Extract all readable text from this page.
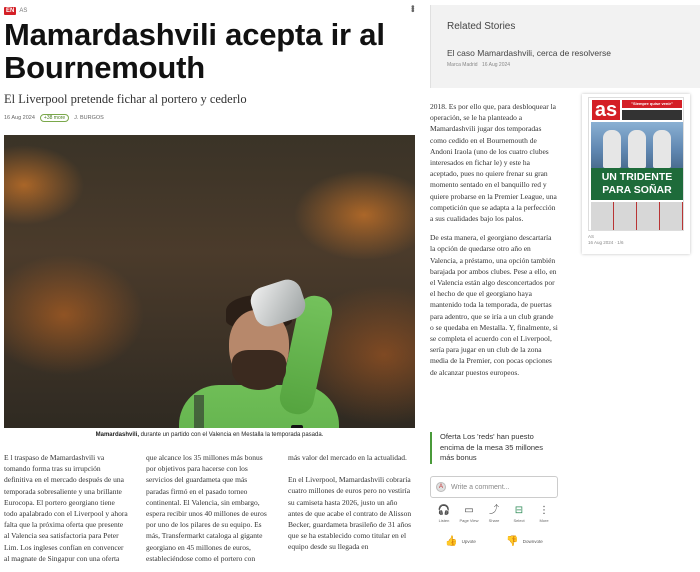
EN AS	•••
Mamardashvili acepta ir al Bournemouth

El Liverpool pretende fichar al portero y cederlo

16 Aug 2024	+38 more	J. BURGOS

Mamardashvili, durante un partido con el Valencia en Mestalla la temporada pasada.

E l traspaso de Mamardashvili va tomando forma tras su irrupción definitiva en el mercado después de una temporada sobresaliente y una brillante Eurocopa. El portero georgiano tiene todo apalabrado con el Liverpool y ahora falta que la próxima oferta que presente al Valencia sea satisfactoria para Peter Lim. Los ingleses confían en convencer al magnate de Singapur con una oferta

que alcance los 35 millones más bonus por objetivos para hacerse con los servicios del guardameta que más paradas firmó en el pasado torneo continental. El Valencia, sin embargo, espera recibir unos 40 millones de euros por uno de los pilares de su equipo. Es más, Transfermarkt cataloga al gigante georgiano en 45 millones de euros, estableciéndose como el portero con

más valor del mercado en la actualidad.

En el Liverpool, Mamardashvili cobraría cuatro millones de euros pero no vestiría su camiseta hasta 2026, justo un año antes de que acabe el contrato de Alisson Becker, guardameta brasileño de 31 años que se ha establecido como titular en el equipo desde su llegada en

2018. Es por ello que, para desbloquear la operación, se le ha planteado a Mamardashvili jugar dos temporadas como cedido en el Bournemouth de Andoni Iraola (uno de los cuatro clubes interesados en fichar le) y este ha aceptado, pues no quiere frenar su gran momento sentado en el banquillo red y quiere probarse en la Premier League, una competición que se adapta a la perfección a sus cualidades bajo los palos.

De esta manera, el georgiano descartaría la opción de quedarse otro año en Valencia, a préstamo, una opción también barajada por ambos clubes. Pese a ello, en el Valencia están algo desconcertados por el hecho de que el georgiano haya mantenido toda la temporada, de puertas para adentro, que se iría a un club grande o se quedaba en Mestalla. Y, finalmente, si se completa el acuerdo con el Liverpool, sería para jugar en un club de la zona media de la Premier, con pocas opciones de alcanzar puestos europeos.

Oferta Los 'reds' han puesto encima de la mesa 35 millones más bonus
A	Write a comment...
🎧
Listen
▭
Page View
⤴
Share
⊟
Select
⋮
More
👍 Upvote	👎 Downvote
Related Stories
El caso Mamardashvili, cerca de resolverse
Marca Madrid 16 Aug 2024
as	"Siempre quise venir"
UN TRIDENTE
PARA SOÑAR
AS
16 Aug 2024 · 1/6
